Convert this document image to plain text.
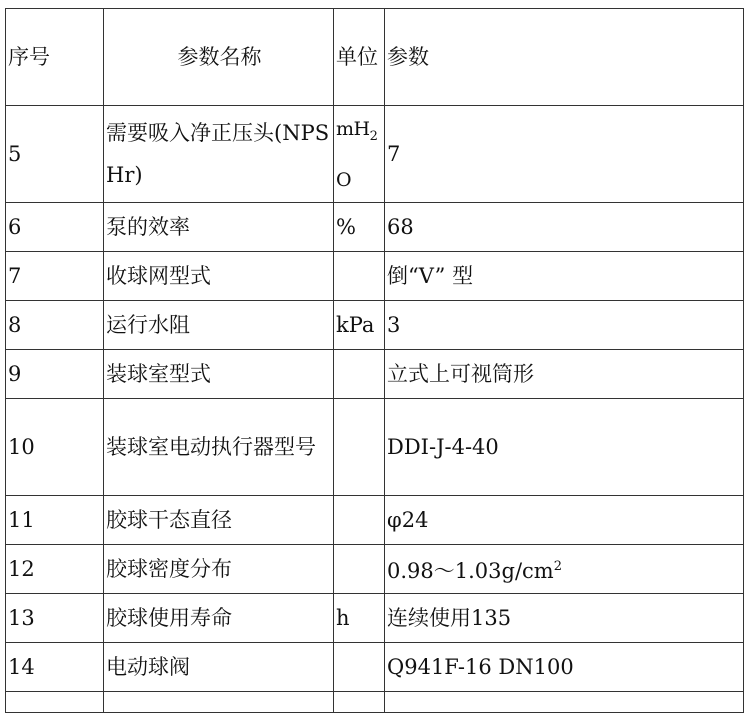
序号	参数名称	单位	参数
5	需要吸入净正压头(NPSHr)	$mH_2O$	7
6	泵的效率	%	68
7	收球网型式		倒“V” 型
8	运行水阻	kPa	3
9	装球室型式		立式上可视筒形
10	装球室电动执行器型号		DDI-J-4-40
11	胶球干态直径		φ24
12	胶球密度分布		$0.98\sim 1.03g/cm^2$
13	胶球使用寿命	h	连续使用135
14	电动球阀		Q941F-16 DN100
